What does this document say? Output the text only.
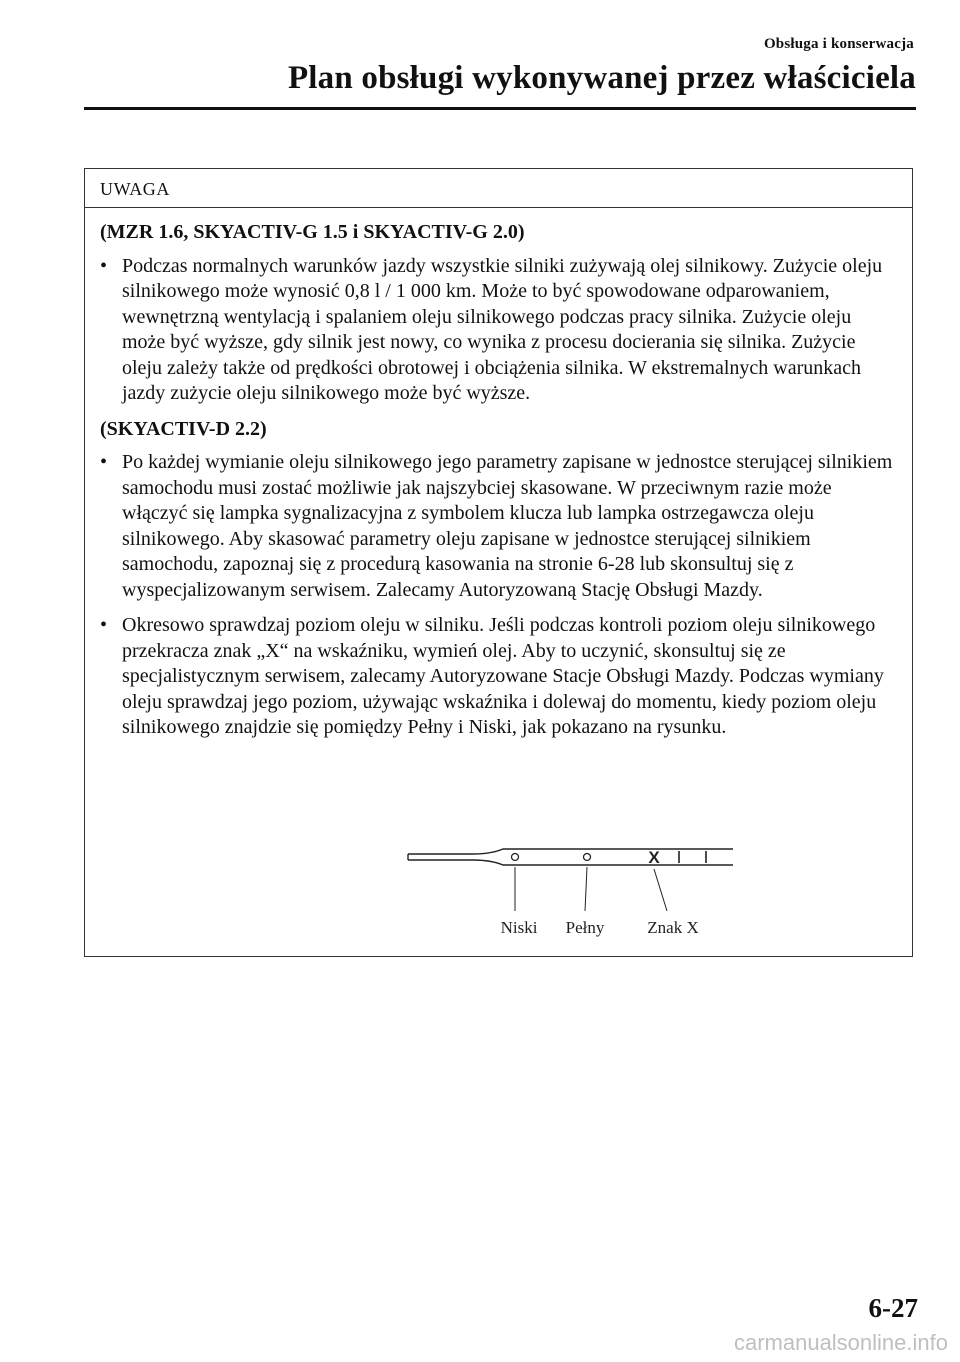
Obsługa i konserwacja
Plan obsługi wykonywanej przez właściciela
UWAGA

(MZR 1.6, SKYACTIV-G 1.5 i SKYACTIV-G 2.0)

• Podczas normalnych warunków jazdy wszystkie silniki zużywają olej silnikowy. Zużycie oleju silnikowego może wynosić 0,8 l / 1 000 km. Może to być spowodowane odparowaniem, wewnętrzną wentylacją i spalaniem oleju silnikowego podczas pracy silnika. Zużycie oleju może być wyższe, gdy silnik jest nowy, co wynika z procesu docierania się silnika. Zużycie oleju zależy także od prędkości obrotowej i obciążenia silnika. W ekstremalnych warunkach jazdy zużycie oleju silnikowego może być wyższe.

(SKYACTIV-D 2.2)

• Po każdej wymianie oleju silnikowego jego parametry zapisane w jednostce sterującej silnikiem samochodu musi zostać możliwie jak najszybciej skasowane. W przeciwnym razie może włączyć się lampka sygnalizacyjna z symbolem klucza lub lampka ostrzegawcza oleju silnikowego. Aby skasować parametry oleju zapisane w jednostce sterującej silnikiem samochodu, zapoznaj się z procedurą kasowania na stronie 6-28 lub skonsultuj się z wyspecjalizowanym serwisem. Zalecamy Autoryzowaną Stację Obsługi Mazdy.
• Okresowo sprawdzaj poziom oleju w silniku. Jeśli podczas kontroli poziom oleju silnikowego przekracza znak „X“ na wskaźniku, wymień olej. Aby to uczynić, skonsultuj się ze specjalistycznym serwisem, zalecamy Autoryzowane Stacje Obsługi Mazdy. Podczas wymiany oleju sprawdzaj jego poziom, używając wskaźnika i dolewaj do momentu, kiedy poziom oleju silnikowego znajdzie się pomiędzy Pełny i Niski, jak pokazano na rysunku.
X
Niski Pełny	Znak X
6-27
carmanualsonline.info
